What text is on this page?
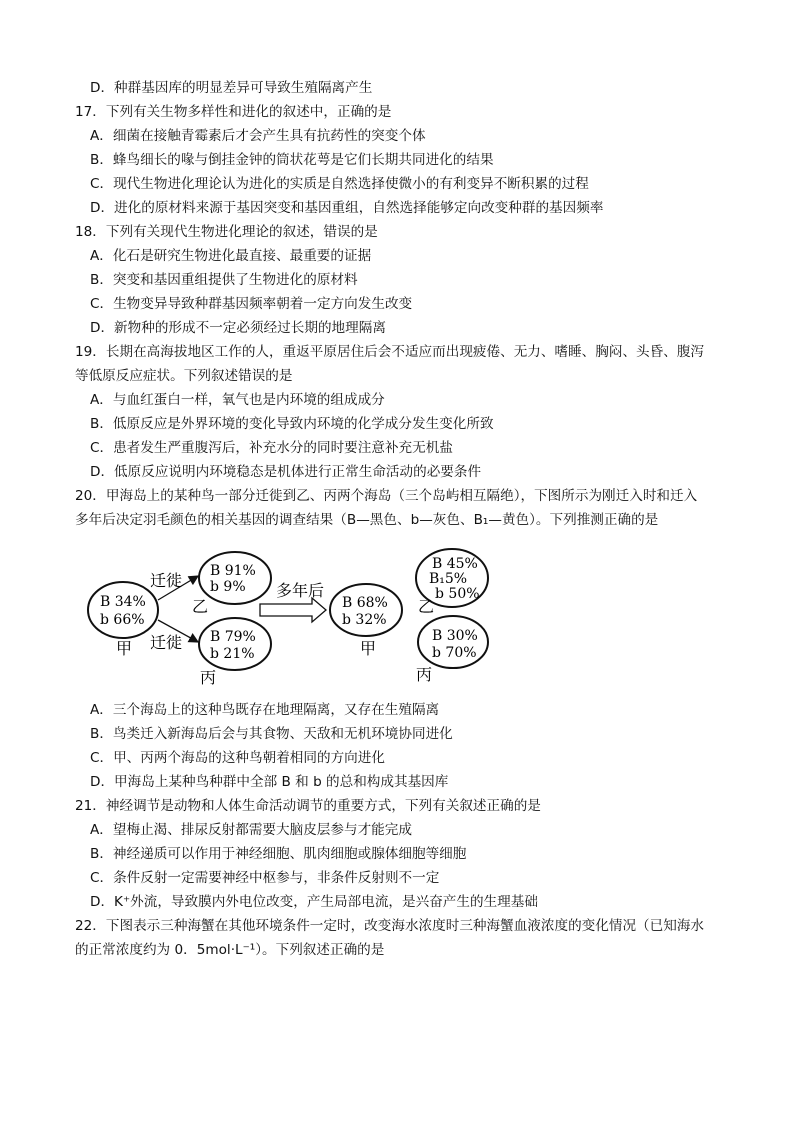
D．种群基因库的明显差异可导致生殖隔离产生
17．下列有关生物多样性和进化的叙述中，正确的是
A．细菌在接触青霉素后才会产生具有抗药性的突变个体
B．蜂鸟细长的喙与倒挂金钟的筒状花萼是它们长期共同进化的结果
C．现代生物进化理论认为进化的实质是自然选择使微小的有利变异不断积累的过程
D．进化的原材料来源于基因突变和基因重组，自然选择能够定向改变种群的基因频率
18．下列有关现代生物进化理论的叙述，错误的是
A．化石是研究生物进化最直接、最重要的证据
B．突变和基因重组提供了生物进化的原材料
C．生物变异导致种群基因频率朝着一定方向发生改变
D．新物种的形成不一定必须经过长期的地理隔离
19．长期在高海拔地区工作的人，重返平原居住后会不适应而出现疲倦、无力、嗜睡、胸闷、头昏、腹泻
等低原反应症状。下列叙述错误的是
A．与血红蛋白一样，氧气也是内环境的组成成分
B．低原反应是外界环境的变化导致内环境的化学成分发生变化所致
C．患者发生严重腹泻后，补充水分的同时要注意补充无机盐
D．低原反应说明内环境稳态是机体进行正常生命活动的必要条件
20．甲海岛上的某种鸟一部分迁徙到乙、丙两个海岛（三个岛屿相互隔绝），下图所示为刚迁入时和迁入
多年后决定羽毛颜色的相关基因的调查结果（B—黑色、b—灰色、B₁—黄色）。下列推测正确的是
B 34%
b 66%
甲
迁徙
迁徙
B 91%
b 9%
乙
B 79%
b 21%
丙
多年后
B 68%
b 32%
甲
B 45%
B₁5%
b 50%
乙
B 30%
b 70%
丙
A．三个海岛上的这种鸟既存在地理隔离，又存在生殖隔离
B．鸟类迁入新海岛后会与其食物、天敌和无机环境协同进化
C．甲、丙两个海岛的这种鸟朝着相同的方向进化
D．甲海岛上某种鸟种群中全部 B 和 b 的总和构成其基因库
21．神经调节是动物和人体生命活动调节的重要方式，下列有关叙述正确的是
A．望梅止渴、排尿反射都需要大脑皮层参与才能完成
B．神经递质可以作用于神经细胞、肌肉细胞或腺体细胞等细胞
C．条件反射一定需要神经中枢参与，非条件反射则不一定
D．K⁺外流，导致膜内外电位改变，产生局部电流，是兴奋产生的生理基础
22．下图表示三种海蟹在其他环境条件一定时，改变海水浓度时三种海蟹血液浓度的变化情况（已知海水
的正常浓度约为 0．5mol·L⁻¹）。下列叙述正确的是
